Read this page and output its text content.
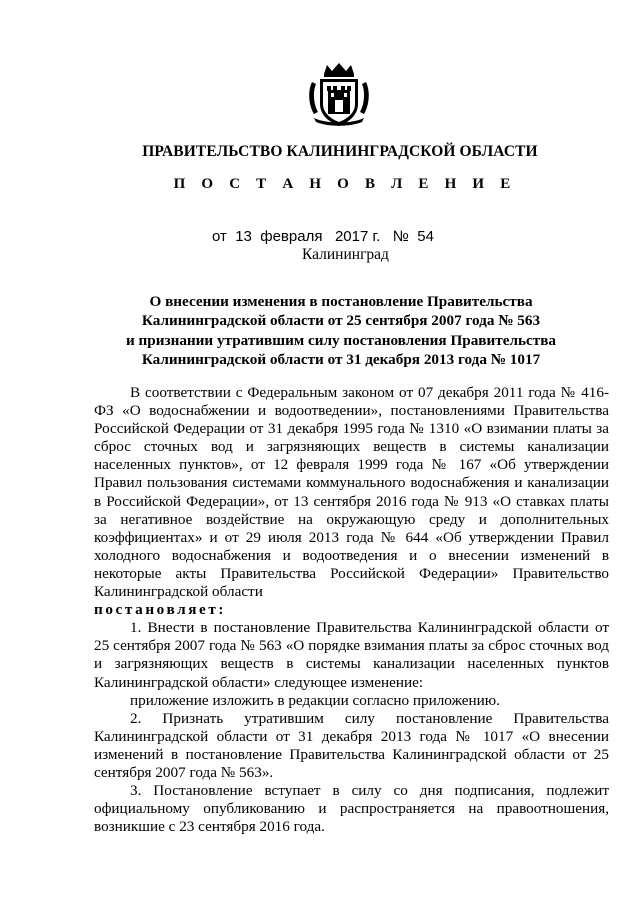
ПРАВИТЕЛЬСТВО КАЛИНИНГРАДСКОЙ ОБЛАСТИ
П О С Т А Н О В Л Е Н И Е
от  13  февраля   2017 г.   №  54
Калининград
О внесении изменения в постановление Правительства
Калининградской области от 25 сентября 2007 года № 563
и признании утратившим силу постановления Правительства
Калининградской области от 31 декабря 2013 года № 1017

В соответствии с Федеральным законом от 07 декабря 2011 года № 416-ФЗ «О водоснабжении и водоотведении», постановлениями Правительства Российской Федерации от 31 декабря 1995 года № 1310 «О взимании платы за сброс сточных вод и загрязняющих веществ в системы канализации населенных пунктов», от 12 февраля 1999 года № 167 «Об утверждении Правил пользования системами коммунального водоснабжения и канализации в Российской Федерации», от 13 сентября 2016 года № 913 «О ставках платы за негативное воздействие на окружающую среду и дополнительных коэффициентах» и от 29 июля 2013 года № 644 «Об утверждении Правил холодного водоснабжения и водоотведения и о внесении изменений в некоторые акты Правительства Российской Федерации» Правительство Калининградской области

постановляет:

1. Внести в постановление Правительства Калининградской области от 25 сентября 2007 года № 563 «О порядке взимания платы за сброс сточных вод и загрязняющих веществ в системы канализации населенных пунктов Калининградской области» следующее изменение:

приложение изложить в редакции согласно приложению.

2. Признать утратившим силу постановление Правительства Калининградской области от 31 декабря 2013 года № 1017 «О внесении изменений в постановление Правительства Калининградской области от 25 сентября 2007 года № 563».

3. Постановление вступает в силу со дня подписания, подлежит официальному опубликованию и распространяется на правоотношения, возникшие с 23 сентября 2016 года.
